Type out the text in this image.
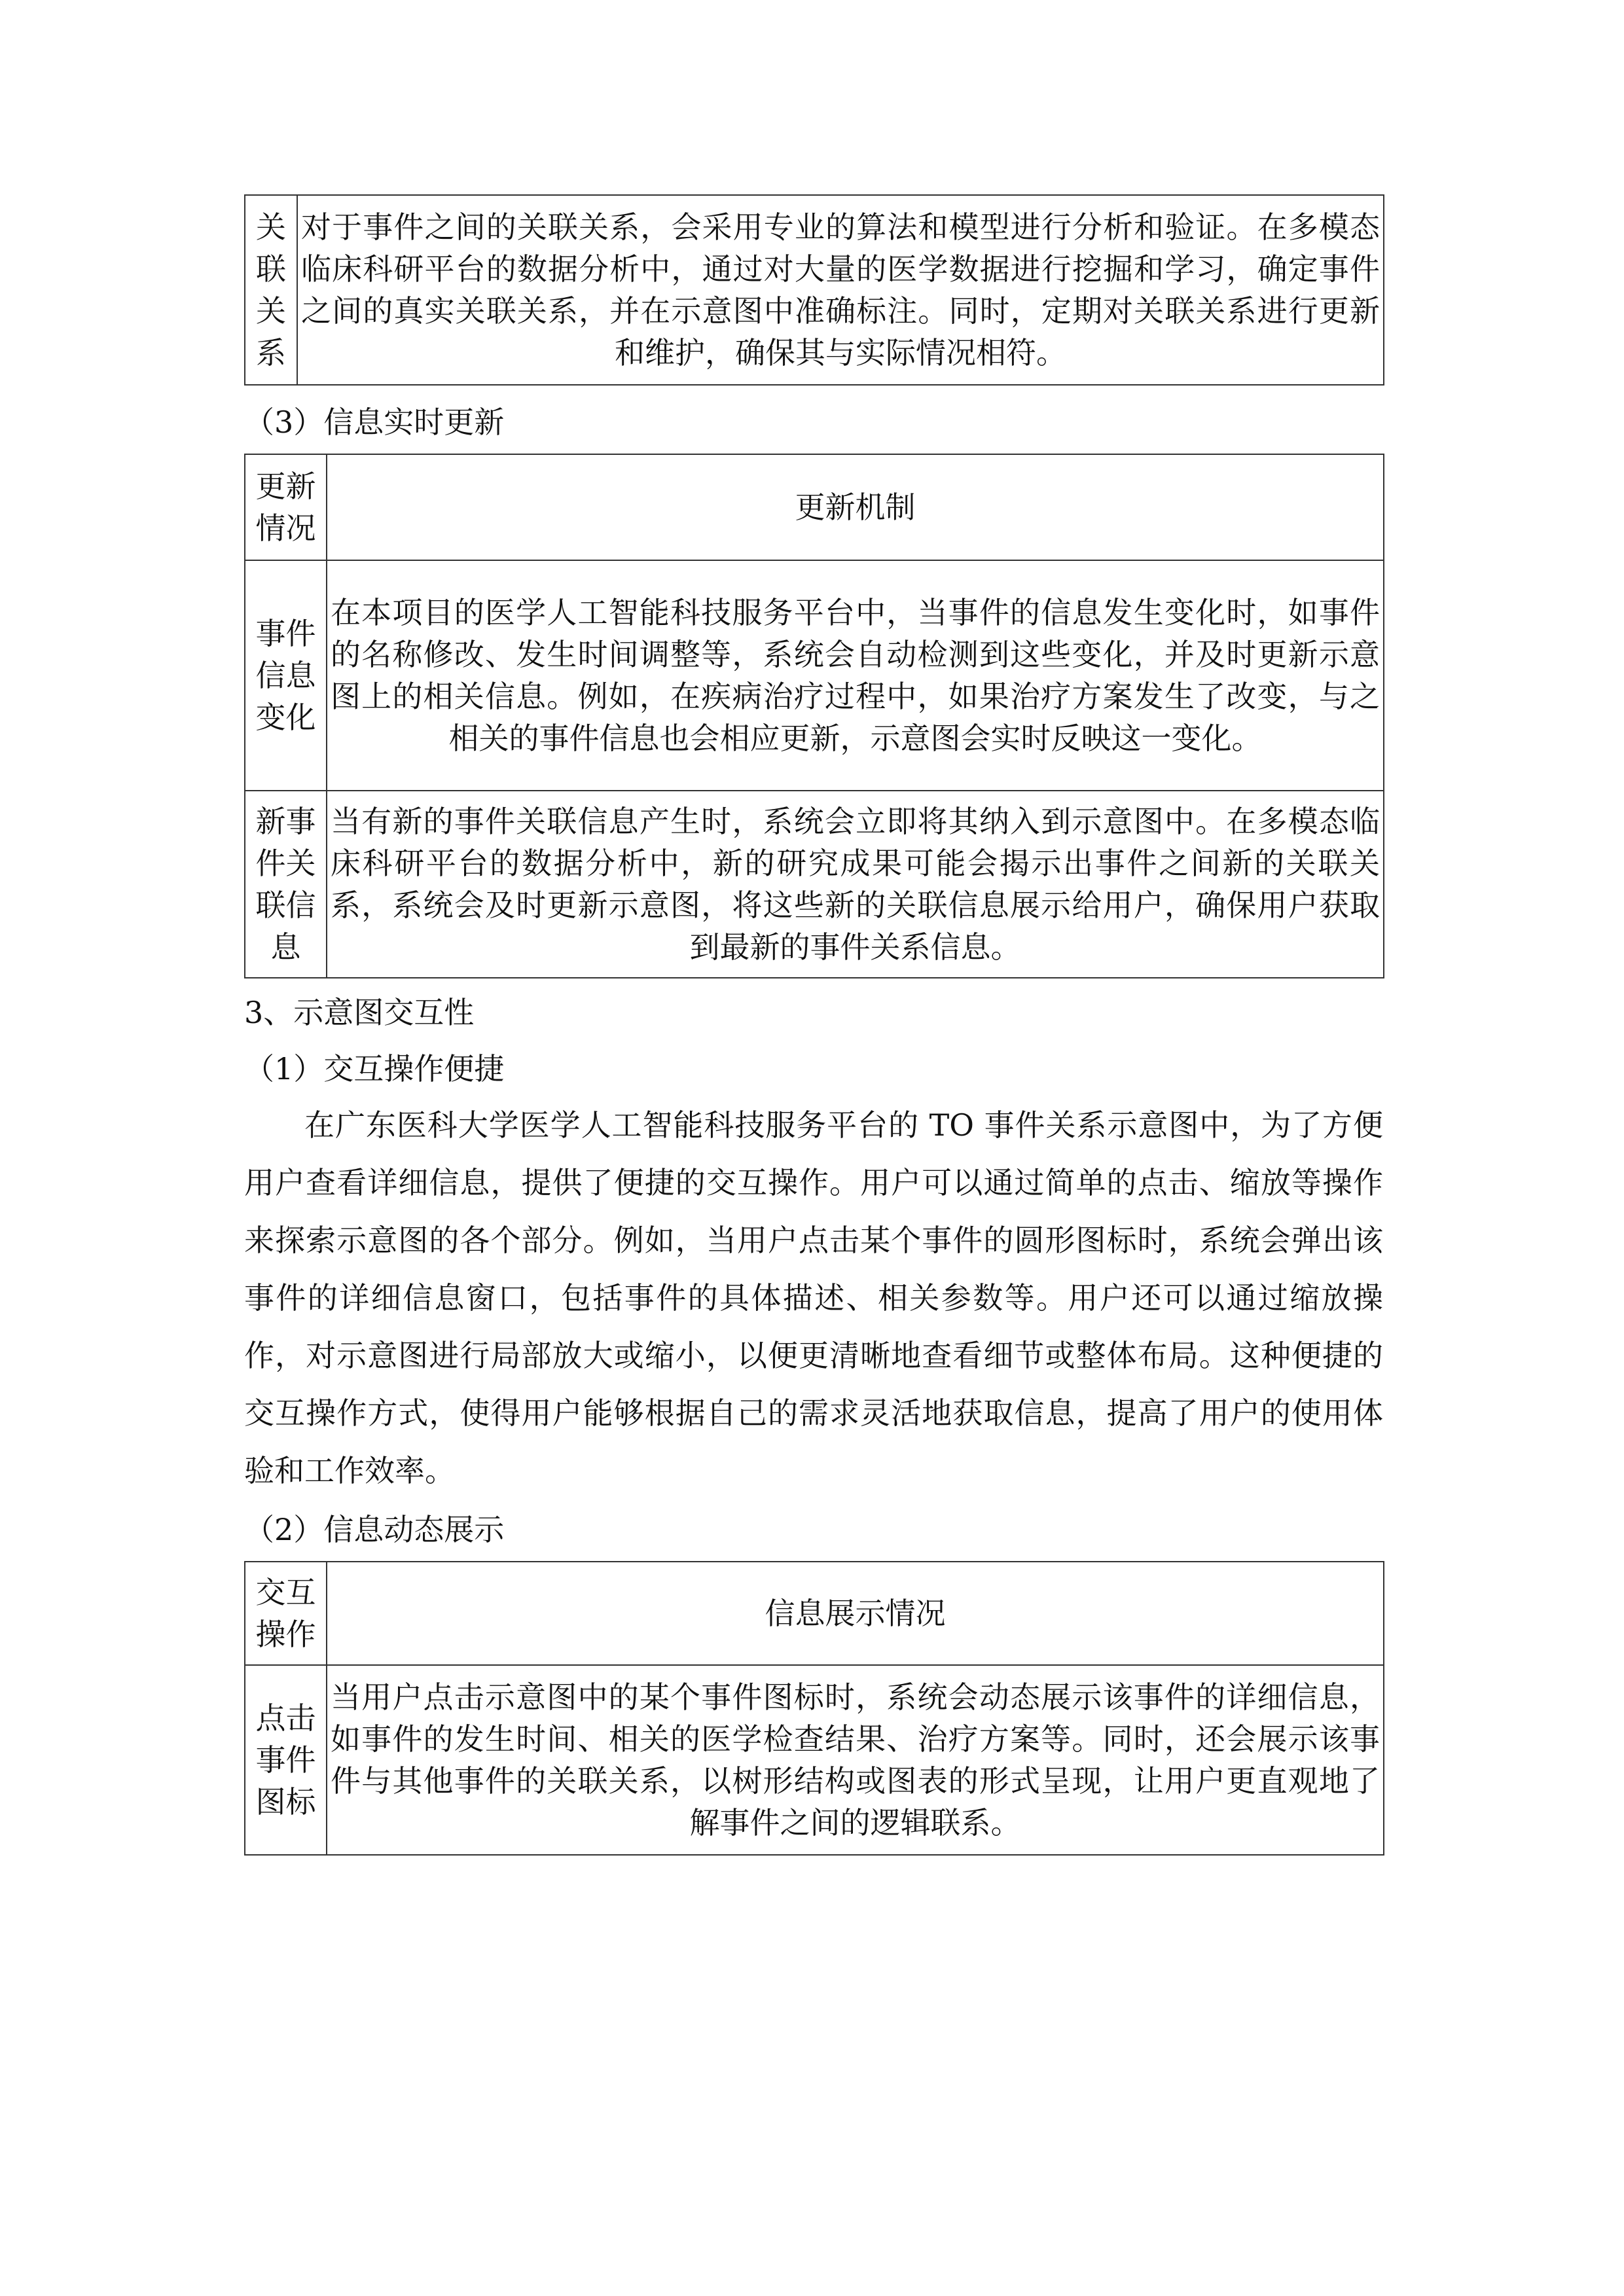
关联关系	对于事件之间的关联关系，会采用专业的算法和模型进行分析和验证。在多模态临床科研平台的数据分析中，通过对大量的医学数据进行挖掘和学习，确定事件之间的真实关联关系，并在示意图中准确标注。同时，定期对关联关系进行更新和维护，确保其与实际情况相符。

（3）信息实时更新

更新情况	更新机制
事件信息变化	在本项目的医学人工智能科技服务平台中，当事件的信息发生变化时，如事件的名称修改、发生时间调整等，系统会自动检测到这些变化，并及时更新示意图上的相关信息。例如，在疾病治疗过程中，如果治疗方案发生了改变，与之相关的事件信息也会相应更新，示意图会实时反映这一变化。
新事件关联信息	当有新的事件关联信息产生时，系统会立即将其纳入到示意图中。在多模态临床科研平台的数据分析中，新的研究成果可能会揭示出事件之间新的关联关系，系统会及时更新示意图，将这些新的关联信息展示给用户，确保用户获取到最新的事件关系信息。

3、示意图交互性

（1）交互操作便捷

在广东医科大学医学人工智能科技服务平台的 TO 事件关系示意图中，为了方便用户查看详细信息，提供了便捷的交互操作。用户可以通过简单的点击、缩放等操作来探索示意图的各个部分。例如，当用户点击某个事件的圆形图标时，系统会弹出该事件的详细信息窗口，包括事件的具体描述、相关参数等。用户还可以通过缩放操作，对示意图进行局部放大或缩小，以便更清晰地查看细节或整体布局。这种便捷的交互操作方式，使得用户能够根据自己的需求灵活地获取信息，提高了用户的使用体验和工作效率。

（2）信息动态展示

交互操作	信息展示情况
点击事件图标	当用户点击示意图中的某个事件图标时，系统会动态展示该事件的详细信息，如事件的发生时间、相关的医学检查结果、治疗方案等。同时，还会展示该事件与其他事件的关联关系，以树形结构或图表的形式呈现，让用户更直观地了解事件之间的逻辑联系。
